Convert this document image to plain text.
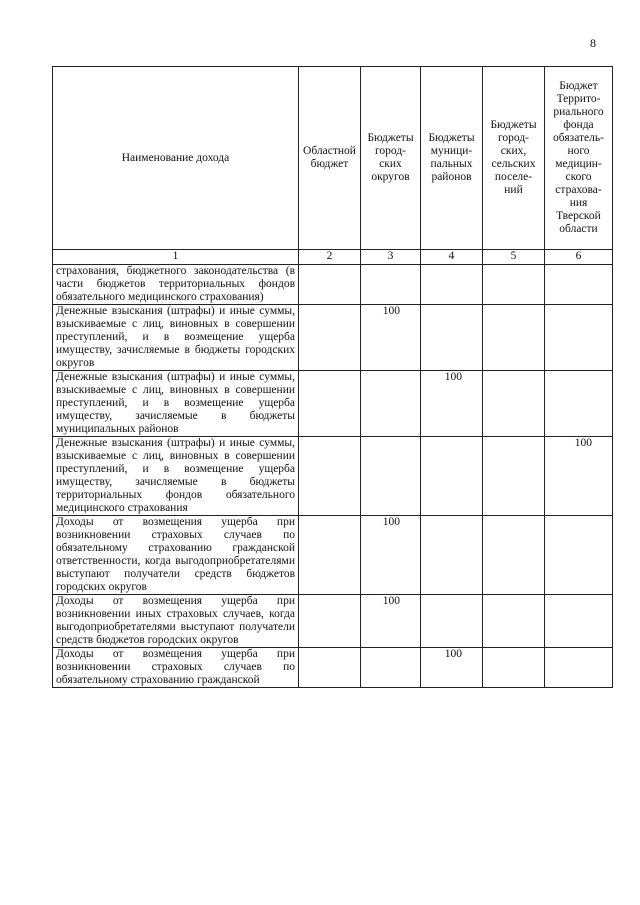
8
Наименование дохода	Областной бюджет	Бюджеты город-ских округов	Бюджеты муници-пальных районов	Бюджеты город-ских, сельских поселе-ний	Бюджет Террито-риального фонда обязатель-ного медицин-ского страхова-ния Тверской области
1	2	3	4	5	6
страхования, бюджетного законодательства (в части бюджетов территориальных фондов обязательного медицинского страхования)					
Денежные взыскания (штрафы) и иные суммы, взыскиваемые с лиц, виновных в совершении преступлений, и в возмещение ущерба имуществу, зачисляемые в бюджеты городских округов		100			
Денежные взыскания (штрафы) и иные суммы, взыскиваемые с лиц, виновных в совершении преступлений, и в возмещение ущерба имуществу, зачисляемые в бюджеты муниципальных районов			100		
Денежные взыскания (штрафы) и иные суммы, взыскиваемые с лиц, виновных в совершении преступлений, и в возмещение ущерба имуществу, зачисляемые в бюджеты территориальных фондов обязательного медицинского страхования					100
Доходы от возмещения ущерба при возникновении страховых случаев по обязательному страхованию гражданской ответственности, когда выгодоприобретателями выступают получатели средств бюджетов городских округов		100			
Доходы от возмещения ущерба при возникновении иных страховых случаев, когда выгодоприобретателями выступают получатели средств бюджетов городских округов		100			
Доходы от возмещения ущерба при возникновении страховых случаев по обязательному страхованию гражданской			100		
